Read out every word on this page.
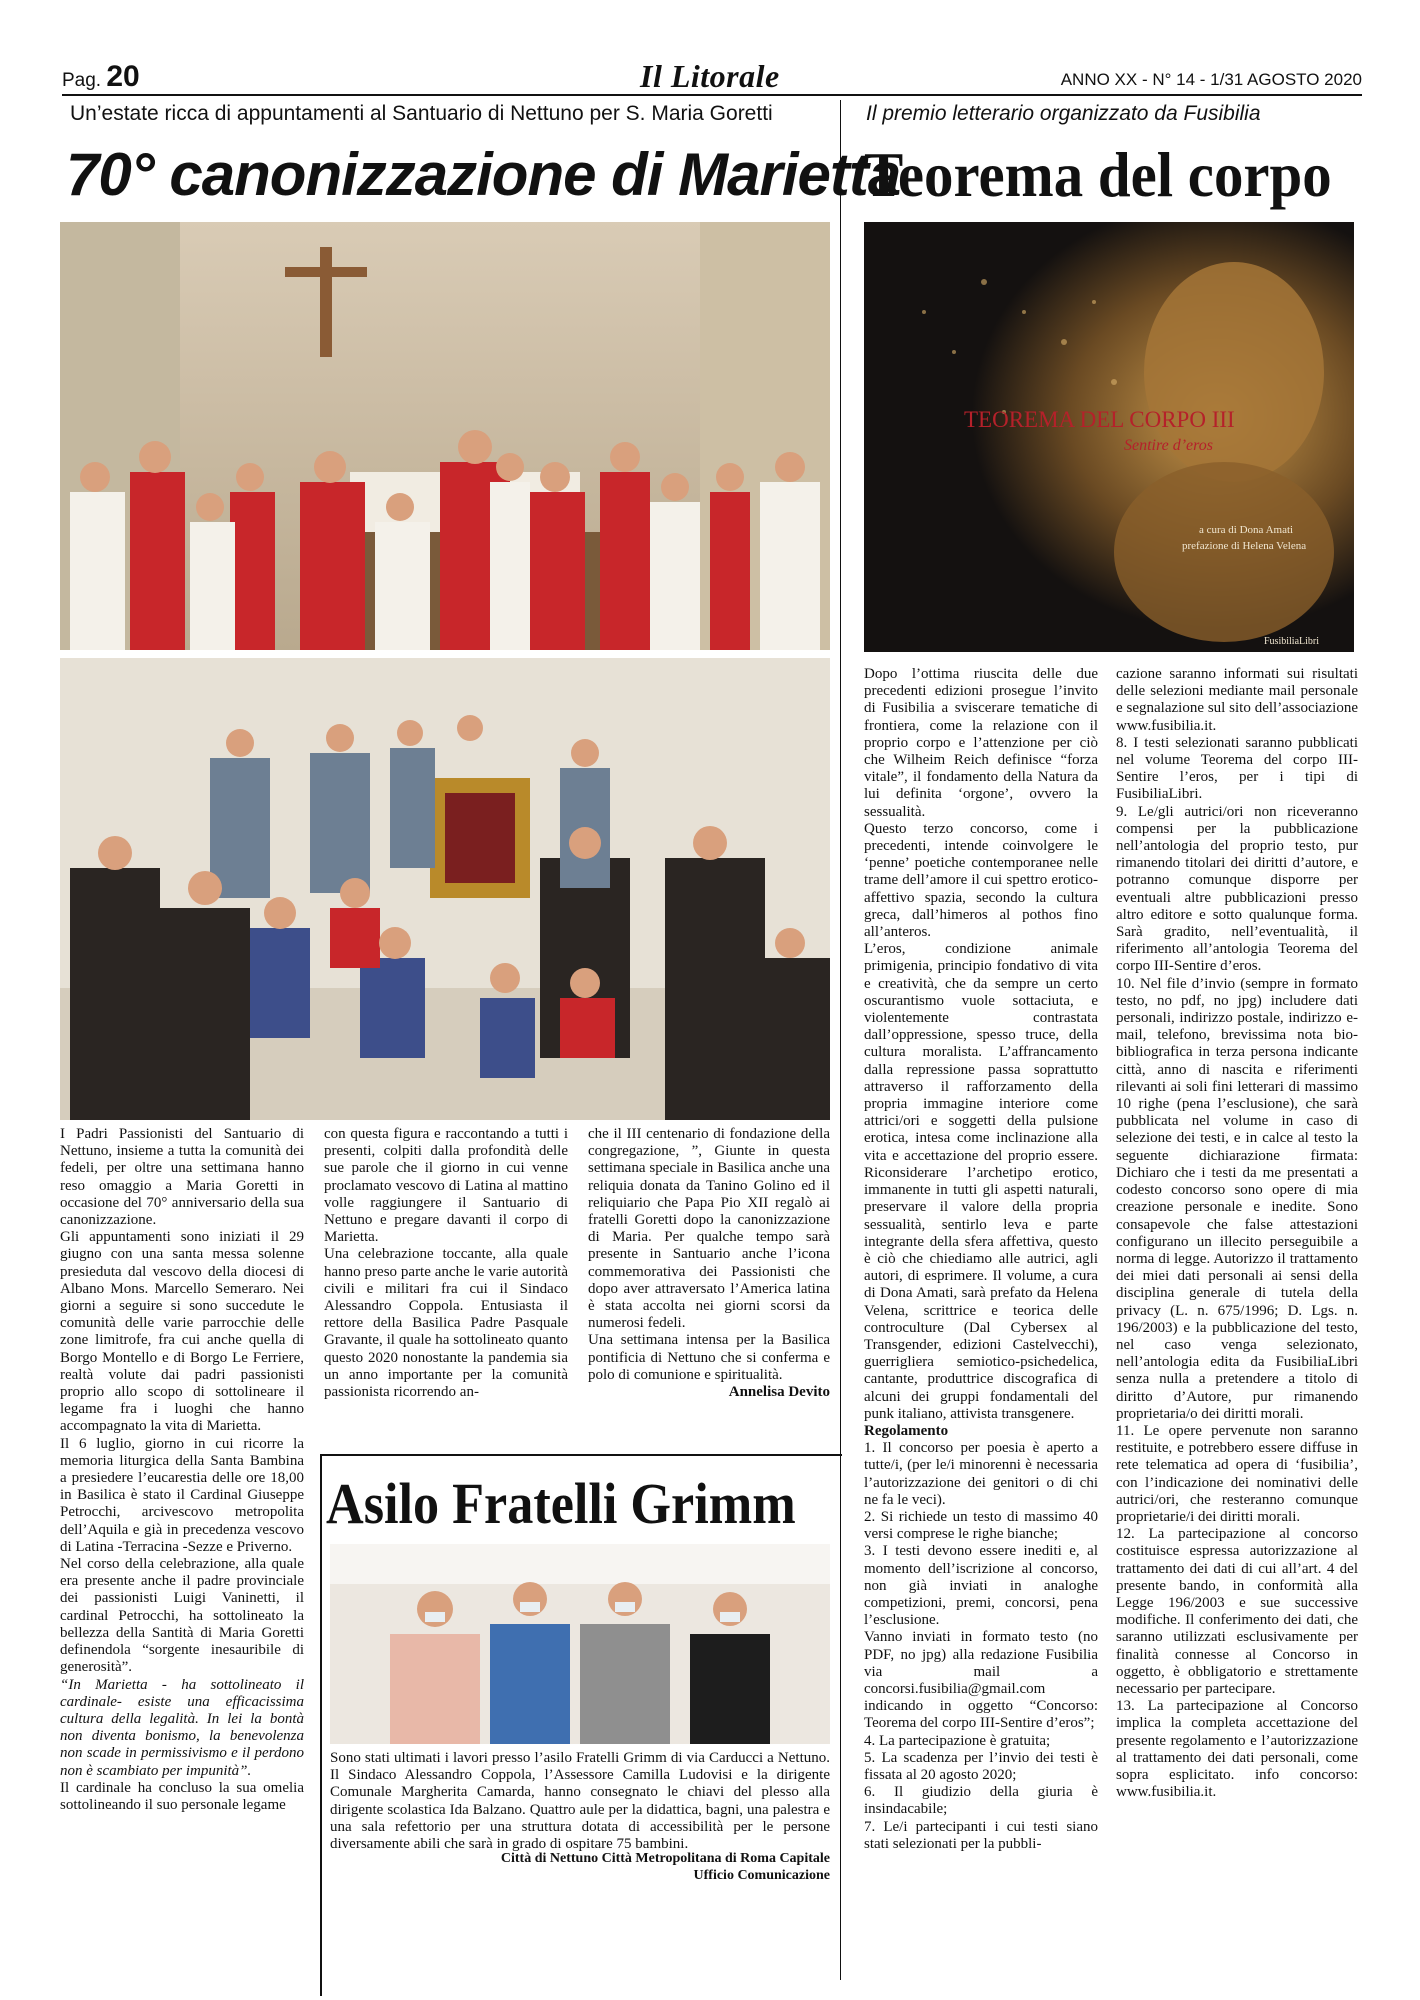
Pag. 20	Il Litorale	ANNO XX - N° 14 - 1/31 AGOSTO 2020
Un’estate ricca di appuntamenti al Santuario di Nettuno per S. Maria Goretti
70° canonizzazione di Marietta

I Padri Passionisti del Santuario di Nettuno, insieme a tutta la comunità dei fedeli, per oltre una settimana hanno reso omaggio a Maria Goretti in occasione del 70° anniversario della sua canonizzazione.

Gli appuntamenti sono iniziati il 29 giugno con una santa messa solenne presieduta dal vescovo della diocesi di Albano Mons. Marcello Semeraro. Nei giorni a seguire si sono succedute le comunità delle varie parrocchie delle zone limitrofe, fra cui anche quella di Borgo Montello e di Borgo Le Ferriere, realtà volute dai padri passionisti proprio allo scopo di sottolineare il legame fra i luoghi che hanno accompagnato la vita di Marietta.

Il 6 luglio, giorno in cui ricorre la memoria liturgica della Santa Bambina a presiedere l’eucarestia delle ore 18,00 in Basilica è stato il Cardinal Giuseppe Petrocchi, arcivescovo metropolita dell’Aquila e già in precedenza vescovo di Latina -Terracina -Sezze e Priverno.

Nel corso della celebrazione, alla quale era presente anche il padre provinciale dei passionisti Luigi Vaninetti, il cardinal Petrocchi, ha sottolineato la bellezza della Santità di Maria Goretti definendola “sorgente inesauribile di generosità”.

“In Marietta - ha sottolineato il cardinale- esiste una efficacissima cultura della legalità. In lei la bontà non diventa bonismo, la benevolenza non scade in permissivismo e il perdono non è scambiato per impunità”.

Il cardinale ha concluso la sua omelia sottolineando il suo personale legame

con questa figura e raccontando a tutti i presenti, colpiti dalla profondità delle sue parole che il giorno in cui venne proclamato vescovo di Latina al mattino volle raggiungere il Santuario di Nettuno e pregare davanti il corpo di Marietta.

Una celebrazione toccante, alla quale hanno preso parte anche le varie autorità civili e militari fra cui il Sindaco Alessandro Coppola. Entusiasta il rettore della Basilica Padre Pasquale Gravante, il quale ha sottolineato quanto questo 2020 nonostante la pandemia sia un anno importante per la comunità passionista ricorrendo an-

che il III centenario di fondazione della congregazione, ”, Giunte in questa settimana speciale in Basilica anche una reliquia donata da Tanino Golino ed il reliquiario che Papa Pio XII regalò ai fratelli Goretti dopo la canonizzazione di Maria. Per qualche tempo sarà presente in Santuario anche l’icona commemorativa dei Passionisti che dopo aver attraversato l’America latina è stata accolta nei giorni scorsi da numerosi fedeli.

Una settimana intensa per la Basilica pontificia di Nettuno che si conferma e polo di comunione e spiritualità.

Annelisa Devito
Asilo Fratelli Grimm
Sono stati ultimati i lavori presso l’asilo Fratelli Grimm di via Carducci a Nettuno. Il Sindaco Alessandro Coppola, l’Assessore Camilla Ludovisi e la dirigente Comunale Margherita Camarda, hanno consegnato le chiavi del plesso alla dirigente scolastica Ida Balzano. Quattro aule per la didattica, bagni, una palestra e una sala refettorio per una struttura dotata di accessibilità per le persone diversamente abili che sarà in grado di ospitare 75 bambini.
Città di Nettuno Città Metropolitana di Roma Capitale
Ufficio Comunicazione
Il premio letterario organizzato da Fusibilia
Teorema del corpo
TEOREMA DEL CORPO III
Sentire d’eros
a cura di Dona Amati
prefazione di Helena Velena
FusibiliaLibri

Dopo l’ottima riuscita delle due precedenti edizioni prosegue l’invito di Fusibilia a sviscerare tematiche di frontiera, come la relazione con il proprio corpo e l’attenzione per ciò che Wilheim Reich definisce “forza vitale”, il fondamento della Natura da lui definita ‘orgone’, ovvero la sessualità.

Questo terzo concorso, come i precedenti, intende coinvolgere le ‘penne’ poetiche contemporanee nelle trame dell’amore il cui spettro erotico-affettivo spazia, secondo la cultura greca, dall’himeros al pothos fino all’anteros.

L’eros, condizione animale primigenia, principio fondativo di vita e creatività, che da sempre un certo oscurantismo vuole sottaciuta, e violentemente contrastata dall’oppressione, spesso truce, della cultura moralista. L’affrancamento dalla repressione passa soprattutto attraverso il rafforzamento della propria immagine interiore come attrici/ori e soggetti della pulsione erotica, intesa come inclinazione alla vita e accettazione del proprio essere. Riconsiderare l’archetipo erotico, immanente in tutti gli aspetti naturali, preservare il valore della propria sessualità, sentirlo leva e parte integrante della sfera affettiva, questo è ciò che chiediamo alle autrici, agli autori, di esprimere. Il volume, a cura di Dona Amati, sarà prefato da Helena Velena, scrittrice e teorica delle controculture (Dal Cybersex al Transgender, edizioni Castelvecchi), guerrigliera semiotico-psichedelica, cantante, produttrice discografica di alcuni dei gruppi fondamentali del punk italiano, attivista transgenere.

Regolamento

1. Il concorso per poesia è aperto a tutte/i, (per le/i minorenni è necessaria l’autorizzazione dei genitori o di chi ne fa le veci).

2. Si richiede un testo di massimo 40 versi comprese le righe bianche;

3. I testi devono essere inediti e, al momento dell’iscrizione al concorso, non già inviati in analoghe competizioni, premi, concorsi, pena l’esclusione.

Vanno inviati in formato testo (no PDF, no jpg) alla redazione Fusibilia via mail a concorsi.fusibilia@gmail.com indicando in oggetto “Concorso: Teorema del corpo III-Sentire d’eros”;

4. La partecipazione è gratuita;

5. La scadenza per l’invio dei testi è fissata al 20 agosto 2020;

6. Il giudizio della giuria è insindacabile;

7. Le/i partecipanti i cui testi siano stati selezionati per la pubbli-

cazione saranno informati sui risultati delle selezioni mediante mail personale e segnalazione sul sito dell’associazione www.fusibilia.it.

8. I testi selezionati saranno pubblicati nel volume Teorema del corpo III-Sentire l’eros, per i tipi di FusibiliaLibri.

9. Le/gli autrici/ori non riceveranno compensi per la pubblicazione nell’antologia del proprio testo, pur rimanendo titolari dei diritti d’autore, e potranno comunque disporre per eventuali altre pubblicazioni presso altro editore e sotto qualunque forma. Sarà gradito, nell’eventualità, il riferimento all’antologia Teorema del corpo III-Sentire d’eros.

10. Nel file d’invio (sempre in formato testo, no pdf, no jpg) includere dati personali, indirizzo postale, indirizzo e-mail, telefono, brevissima nota bio-bibliografica in terza persona indicante città, anno di nascita e riferimenti rilevanti ai soli fini letterari di massimo 10 righe (pena l’esclusione), che sarà pubblicata nel volume in caso di selezione dei testi, e in calce al testo la seguente dichiarazione firmata: Dichiaro che i testi da me presentati a codesto concorso sono opere di mia creazione personale e inedite. Sono consapevole che false attestazioni configurano un illecito perseguibile a norma di legge. Autorizzo il trattamento dei miei dati personali ai sensi della disciplina generale di tutela della privacy (L. n. 675/1996; D. Lgs. n. 196/2003) e la pubblicazione del testo, nel caso venga selezionato, nell’antologia edita da FusibiliaLibri senza nulla a pretendere a titolo di diritto d’Autore, pur rimanendo proprietaria/o dei diritti morali.

11. Le opere pervenute non saranno restituite, e potrebbero essere diffuse in rete telematica ad opera di ‘fusibilia’, con l’indicazione dei nominativi delle autrici/ori, che resteranno comunque proprietarie/i dei diritti morali.

12. La partecipazione al concorso costituisce espressa autorizzazione al trattamento dei dati di cui all’art. 4 del presente bando, in conformità alla Legge 196/2003 e sue successive modifiche. Il conferimento dei dati, che saranno utilizzati esclusivamente per finalità connesse al Concorso in oggetto, è obbligatorio e strettamente necessario per partecipare.

13. La partecipazione al Concorso implica la completa accettazione del presente regolamento e l’autorizzazione al trattamento dei dati personali, come sopra esplicitato. info concorso: www.fusibilia.it.
